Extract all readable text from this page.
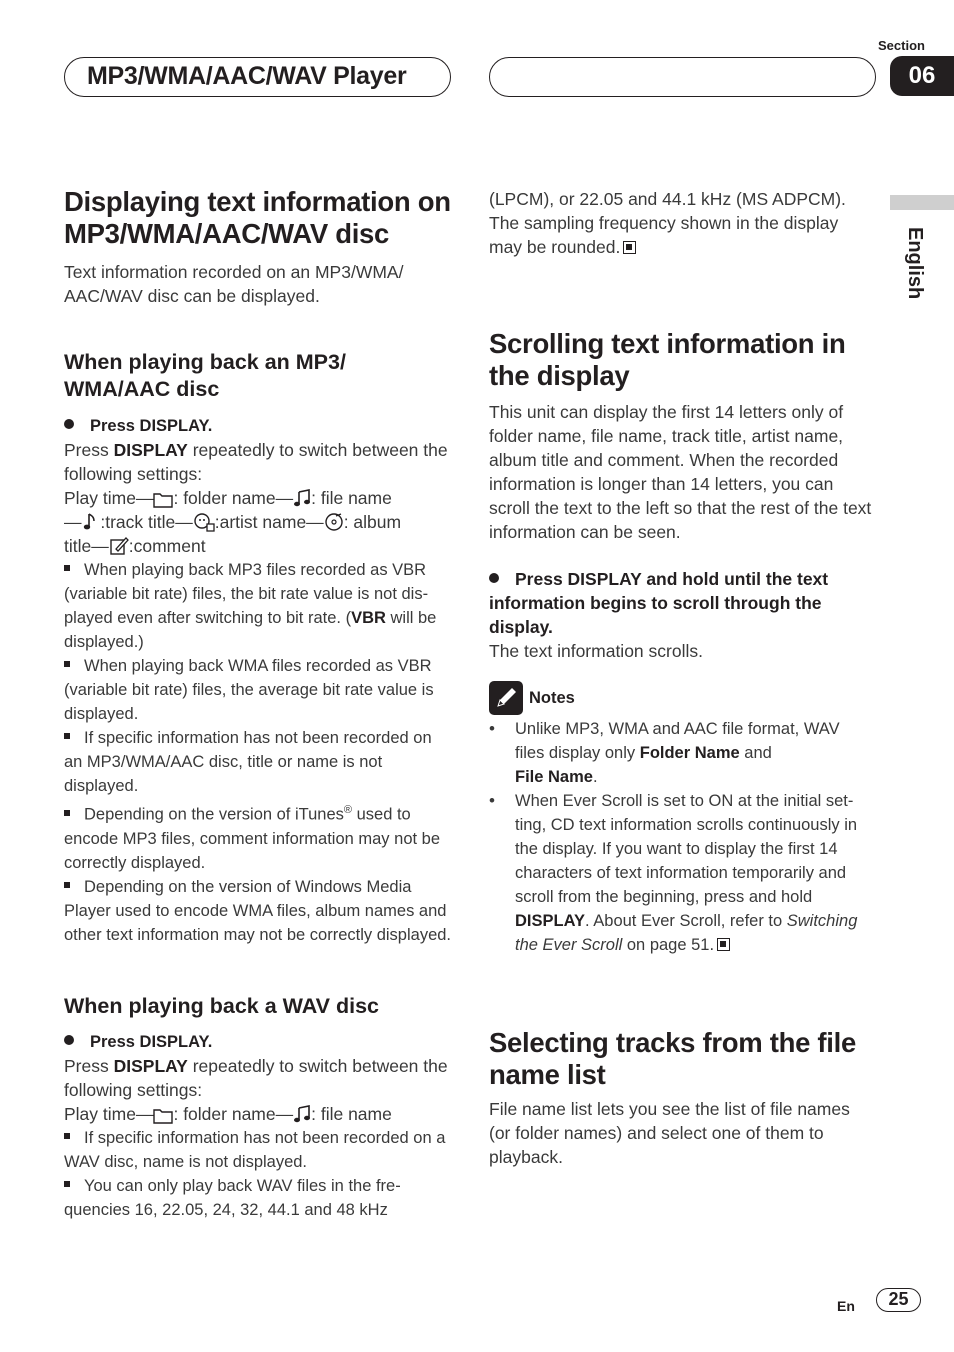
MP3/WMA/AAC/WAV Player
Section
06
English
Displaying text information on MP3/WMA/AAC/WAV disc
Text information recorded on an MP3/WMA/ AAC/WAV disc can be displayed.
When playing back an MP3/ WMA/AAC disc
Press DISPLAY.
Press DISPLAY repeatedly to switch between the following settings:
Play time— : folder name— : file name
— :track title— :artist name— : album
title— :comment
When playing back MP3 files recorded as VBR (variable bit rate) files, the bit rate value is not dis-played even after switching to bit rate. (VBR will be displayed.)
When playing back WMA files recorded as VBR (variable bit rate) files, the average bit rate value is displayed.
If specific information has not been recorded on an MP3/WMA/AAC disc, title or name is not displayed.
Depending on the version of iTunes® used to encode MP3 files, comment information may not be correctly displayed.
Depending on the version of Windows Media Player used to encode WMA files, album names and other text information may not be correctly displayed.
When playing back a WAV disc
Press DISPLAY.
Press DISPLAY repeatedly to switch between the following settings:
Play time— : folder name— : file name
If specific information has not been recorded on a WAV disc, name is not displayed.
You can only play back WAV files in the fre-quencies 16, 22.05, 24, 32, 44.1 and 48 kHz
(LPCM), or 22.05 and 44.1 kHz (MS ADPCM). The sampling frequency shown in the display may be rounded.
Scrolling text information in the display
This unit can display the first 14 letters only of folder name, file name, track title, artist name, album title and comment. When the recorded information is longer than 14 letters, you can scroll the text to the left so that the rest of the text information can be seen.
Press DISPLAY and hold until the text information begins to scroll through the display.
The text information scrolls.
Notes
•	Unlike MP3, WMA and AAC file format, WAV files display only Folder Name and
File Name.
•	When Ever Scroll is set to ON at the initial set-ting, CD text information scrolls continuously in the display. If you want to display the first 14 characters of text information temporarily and scroll from the beginning, press and hold DISPLAY. About Ever Scroll, refer to Switching the Ever Scroll on page 51.
Selecting tracks from the file name list
File name list lets you see the list of file names (or folder names) and select one of them to playback.
En	25
